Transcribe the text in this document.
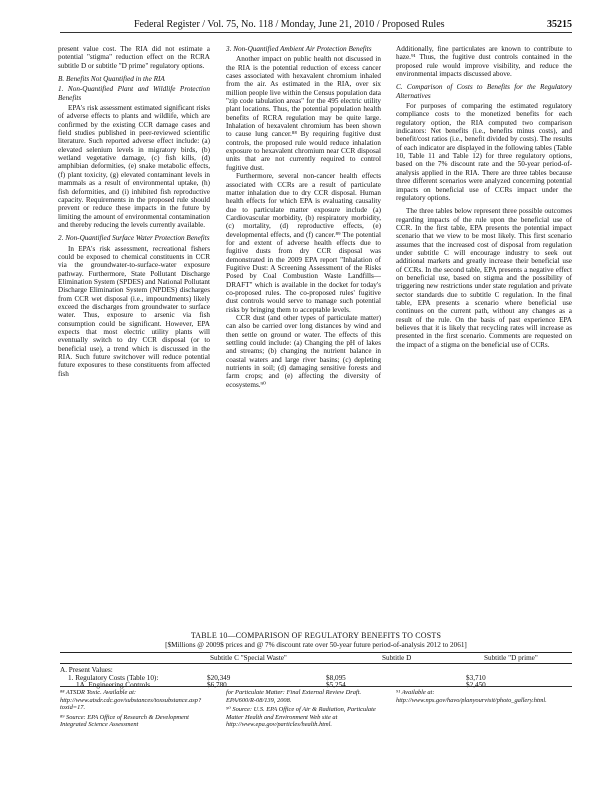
Federal Register / Vol. 75, No. 118 / Monday, June 21, 2010 / Proposed Rules	35215

present value cost. The RIA did not estimate a potential "stigma" reduction effect on the RCRA subtitle D or subtitle "D prime" regulatory options.

B. Benefits Not Quantified in the RIA

1. Non-Quantified Plant and Wildlife Protection Benefits

EPA's risk assessment estimated significant risks of adverse effects to plants and wildlife, which are confirmed by the existing CCR damage cases and field studies published in peer-reviewed scientific literature. Such reported adverse effect include: (a) elevated selenium levels in migratory birds, (b) wetland vegetative damage, (c) fish kills, (d) amphibian deformities, (e) snake metabolic effects, (f) plant toxicity, (g) elevated contaminant levels in mammals as a result of environmental uptake, (h) fish deformities, and (i) inhibited fish reproductive capacity. Requirements in the proposed rule should prevent or reduce these impacts in the future by limiting the amount of environmental contamination and thereby reducing the levels currently available.

2. Non-Quantified Surface Water Protection Benefits

In EPA's risk assessment, recreational fishers could be exposed to chemical constituents in CCR via the groundwater-to-surface-water exposure pathway. Furthermore, State Pollutant Discharge Elimination System (SPDES) and National Pollutant Discharge Elimination System (NPDES) discharges from CCR wet disposal (i.e., impoundments) likely exceed the discharges from groundwater to surface water. Thus, exposure to arsenic via fish consumption could be significant. However, EPA expects that most electric utility plants will eventually switch to dry CCR disposal (or to beneficial use), a trend which is discussed in the RIA. Such future switchover will reduce potential future exposures to these constituents from affected fish

3. Non-Quantified Ambient Air Protection Benefits

Another impact on public health not discussed in the RIA is the potential reduction of excess cancer cases associated with hexavalent chromium inhaled from the air. As estimated in the RIA, over six million people live within the Census population data "zip code tabulation areas" for the 495 electric utility plant locations. Thus, the potential population health benefits of RCRA regulation may be quite large. Inhalation of hexavalent chromium has been shown to cause lung cancer.⁸⁸ By requiring fugitive dust controls, the proposed rule would reduce inhalation exposure to hexavalent chromium near CCR disposal units that are not currently required to control fugitive dust.

Furthermore, several non-cancer health effects associated with CCRs are a result of particulate matter inhalation due to dry CCR disposal. Human health effects for which EPA is evaluating causality due to particulate matter exposure include (a) Cardiovascular morbidity, (b) respiratory morbidity, (c) mortality, (d) reproductive effects, (e) developmental effects, and (f) cancer.⁸⁹ The potential for and extent of adverse health effects due to fugitive dusts from dry CCR disposal was demonstrated in the 2009 EPA report "Inhalation of Fugitive Dust: A Screening Assessment of the Risks Posed by Coal Combustion Waste Landfills—DRAFT" which is available in the docket for today's co-proposed rules. The co-proposed rules' fugitive dust controls would serve to manage such potential risks by bringing them to acceptable levels.

CCR dust (and other types of particulate matter) can also be carried over long distances by wind and then settle on ground or water. The effects of this settling could include: (a) Changing the pH of lakes and streams; (b) changing the nutrient balance in coastal waters and large river basins; (c) depleting nutrients in soil; (d) damaging sensitive forests and farm crops; and (e) affecting the diversity of ecosystems.⁹⁰

Additionally, fine particulates are known to contribute to haze.⁹¹ Thus, the fugitive dust controls contained in the proposed rule would improve visibility, and reduce the environmental impacts discussed above.

C. Comparison of Costs to Benefits for the Regulatory Alternatives

For purposes of comparing the estimated regulatory compliance costs to the monetized benefits for each regulatory option, the RIA computed two comparison indicators: Net benefits (i.e., benefits minus costs), and benefit/cost ratios (i.e., benefit divided by costs). The results of each indicator are displayed in the following tables (Table 10, Table 11 and Table 12) for three regulatory options, based on the 7% discount rate and the 50-year period-of-analysis applied in the RIA. There are three tables because three different scenarios were analyzed concerning potential impacts on beneficial use of CCRs impact under the regulatory options.

The three tables below represent three possible outcomes regarding impacts of the rule upon the beneficial use of CCR. In the first table, EPA presents the potential impact scenario that we view to be most likely. This first scenario assumes that the increased cost of disposal from regulation under subtitle C will encourage industry to seek out additional markets and greatly increase their beneficial use of CCRs. In the second table, EPA presents a negative effect on beneficial use, based on stigma and the possibility of triggering new restrictions under state regulation and private sector standards due to subtitle C regulation. In the final table, EPA presents a scenario where beneficial use continues on the current path, without any changes as a result of the rule. On the basis of past experience EPA believes that it is likely that recycling rates will increase as presented in the first scenario. Comments are requested on the impact of a stigma on the beneficial use of CCRs.

TABLE 10—COMPARISON OF REGULATORY BENEFITS TO COSTS
[$Millions @ 2009$ prices and @ 7% discount rate over 50-year future period-of-analysis 2012 to 2061]
Subtitle C "Special Waste"	Subtitle D	Subtitle "D prime"
A. Present Values:
1. Regulatory Costs (Table 10):	$20,349	$8,095	$3,710
1A. Engineering Controls	$6,780	$5,254	$2,450

⁸⁸ ATSDR Toxic. Available at: http://www.atsdr.cdc.gov/substances/toxsubstance.asp?toxid=17.

⁸⁹ Source: EPA Office of Research & Development Integrated Science Assessment

for Particulate Matter: Final External Review Draft. EPA/600/R-08/139, 2008.

⁹⁰ Source: U.S. EPA Office of Air & Radiation, Particulate Matter Health and Environment Web site at http://www.epa.gov/particles/health.html.

⁹¹ Available at: http://www.nps.gov/havo/planyourvisit/photo_gallery.html.
